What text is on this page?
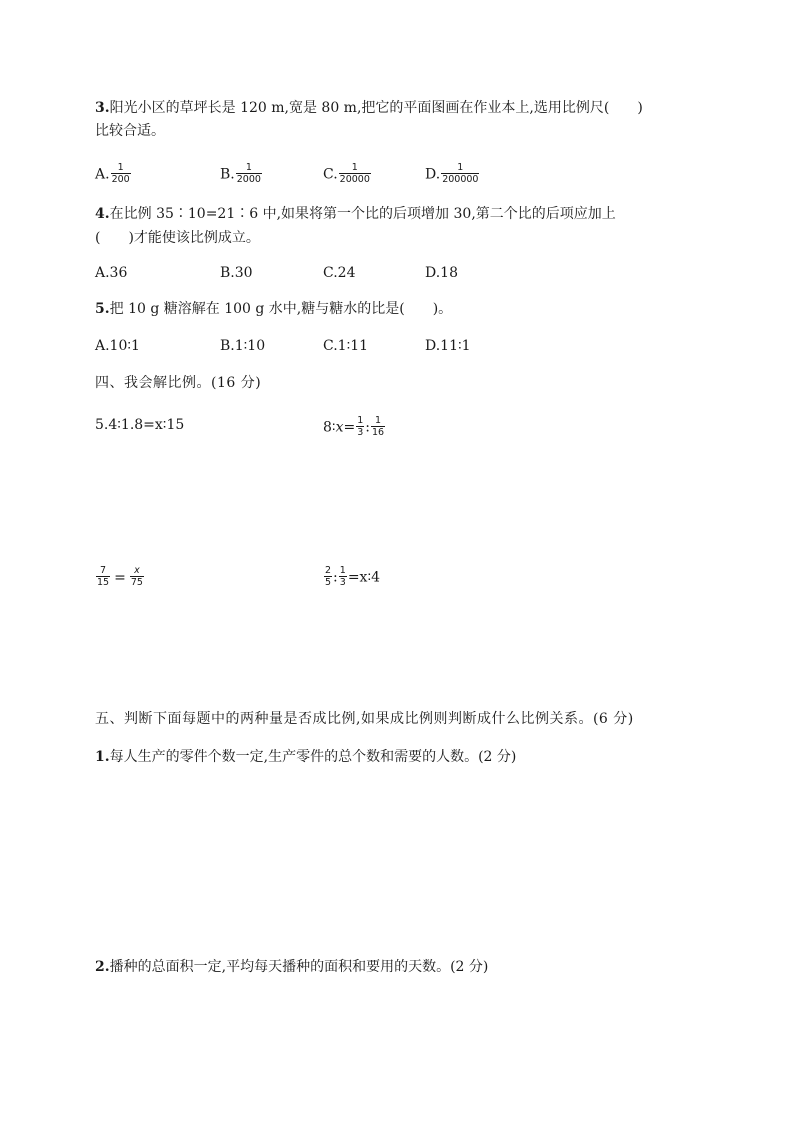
3.阳光小区的草坪长是 120 m,宽是 80 m,把它的平面图画在作业本上,选用比例尺(　　)
比较合适。
A. $\frac{1}{200}$	B. $\frac{1}{2000}$	C. $\frac{1}{20000}$	D. $\frac{1}{200000}$
4.在比例 35∶10=21∶6 中,如果将第一个比的后项增加 30,第二个比的后项应加上
(　　)才能使该比例成立。
A.36	B.30	C.24	D.18
5.把 10 g 糖溶解在 100 g 水中,糖与糖水的比是(　　)。
A.10∶1	B.1∶10	C.1∶11	D.11∶1
四、我会解比例。(16 分)
5.4∶1.8=x∶15	8∶x= $\frac{1}{3}$ : $\frac{1}{16}$
$\frac{7}{15} = \frac{x}{75}$	$\frac{2}{5}$ : $\frac{1}{3}$ =x∶4
五、判断下面每题中的两种量是否成比例,如果成比例则判断成什么比例关系。(6 分)
1.每人生产的零件个数一定,生产零件的总个数和需要的人数。(2 分)
2.播种的总面积一定,平均每天播种的面积和要用的天数。(2 分)
